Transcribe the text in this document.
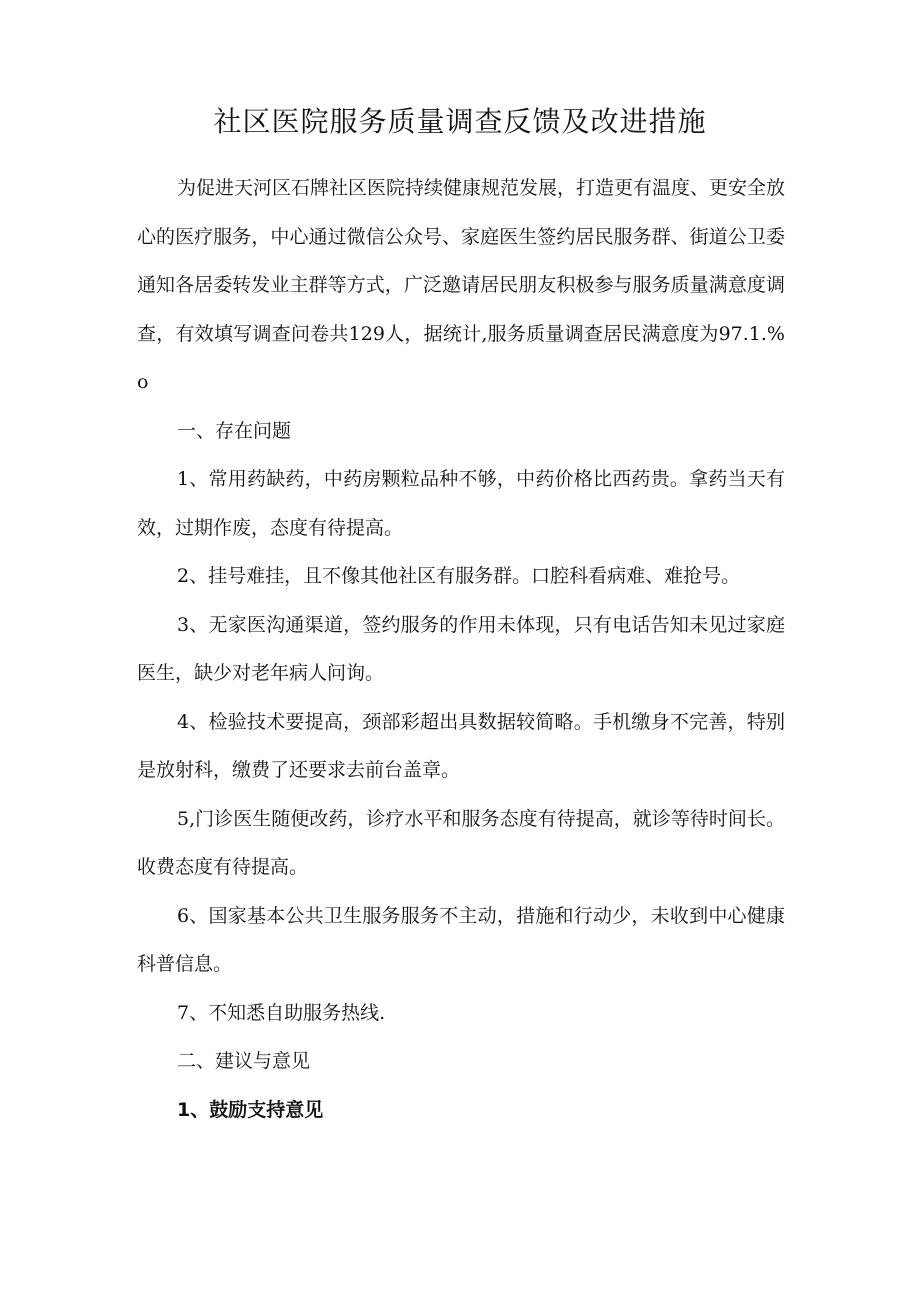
社区医院服务质量调查反馈及改进措施

为促进天河区石牌社区医院持续健康规范发展，打造更有温度、更安全放心的医疗服务，中心通过微信公众号、家庭医生签约居民服务群、街道公卫委通知各居委转发业主群等方式，广泛邀请居民朋友积极参与服务质量满意度调查，有效填写调查问卷共129人，据统计,服务质量调查居民满意度为97.1.%o

一、存在问题

1、常用药缺药，中药房颗粒品种不够，中药价格比西药贵。拿药当天有效，过期作废，态度有待提高。

2、挂号难挂，且不像其他社区有服务群。口腔科看病难、难抢号。

3、无家医沟通渠道，签约服务的作用未体现，只有电话告知未见过家庭医生，缺少对老年病人问询。

4、检验技术要提高，颈部彩超出具数据较简略。手机缴身不完善，特别是放射科，缴费了还要求去前台盖章。

5,门诊医生随便改药，诊疗水平和服务态度有待提高，就诊等待时间长。收费态度有待提高。

6、国家基本公共卫生服务服务不主动，措施和行动少，未收到中心健康科普信息。

7、不知悉自助服务热线.

二、建议与意见

1、鼓励支持意见
